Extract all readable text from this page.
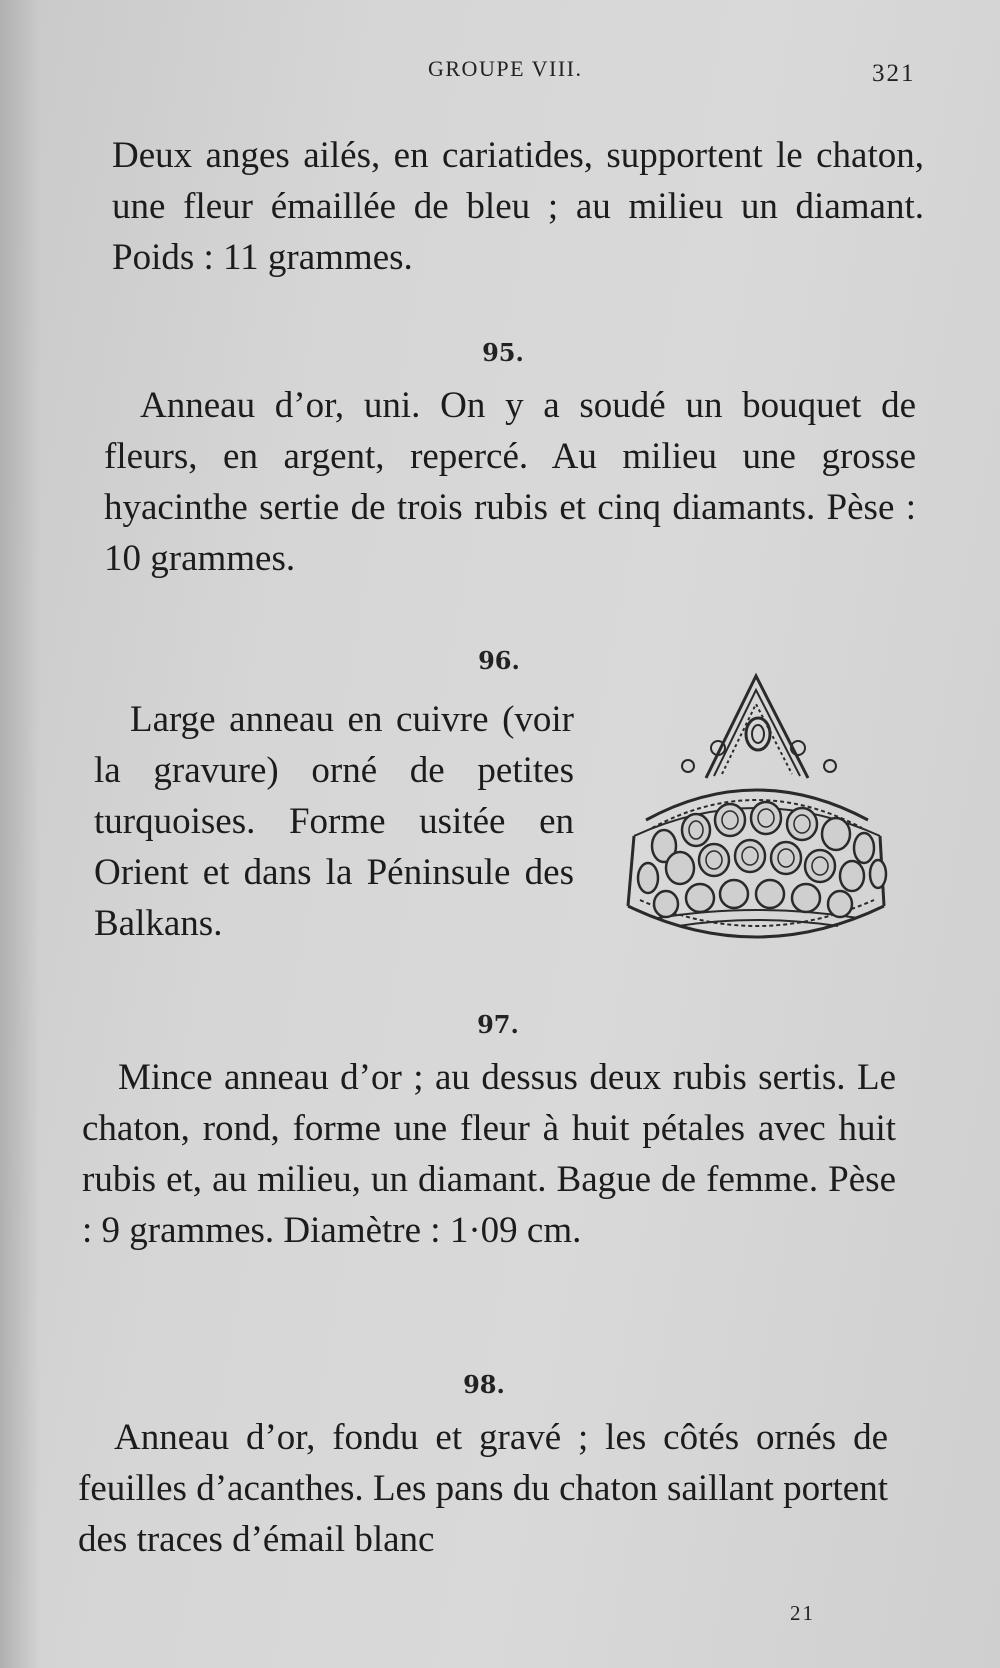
GROUPE VIII.	321

Deux anges ailés, en cariatides, supportent le chaton, une fleur émaillée de bleu ; au milieu un diamant. Poids : 11 grammes.

95.

Anneau d’or, uni. On y a soudé un bouquet de fleurs, en argent, repercé. Au milieu une grosse hyacinthe sertie de trois rubis et cinq diamants. Pèse : 10 grammes.

96.

Large anneau en cuivre (voir la gravure) orné de petites turquoises. Forme usitée en Orient et dans la Péninsule des Balkans.

97.

Mince anneau d’or ; au dessus deux rubis sertis. Le chaton, rond, forme une fleur à huit pétales avec huit rubis et, au milieu, un diamant. Bague de femme. Pèse : 9 grammes. Diamètre : 1·09 cm.

98.

Anneau d’or, fondu et gravé ; les côtés ornés de feuilles d’acanthes. Les pans du chaton saillant portent des traces d’émail blanc

21
